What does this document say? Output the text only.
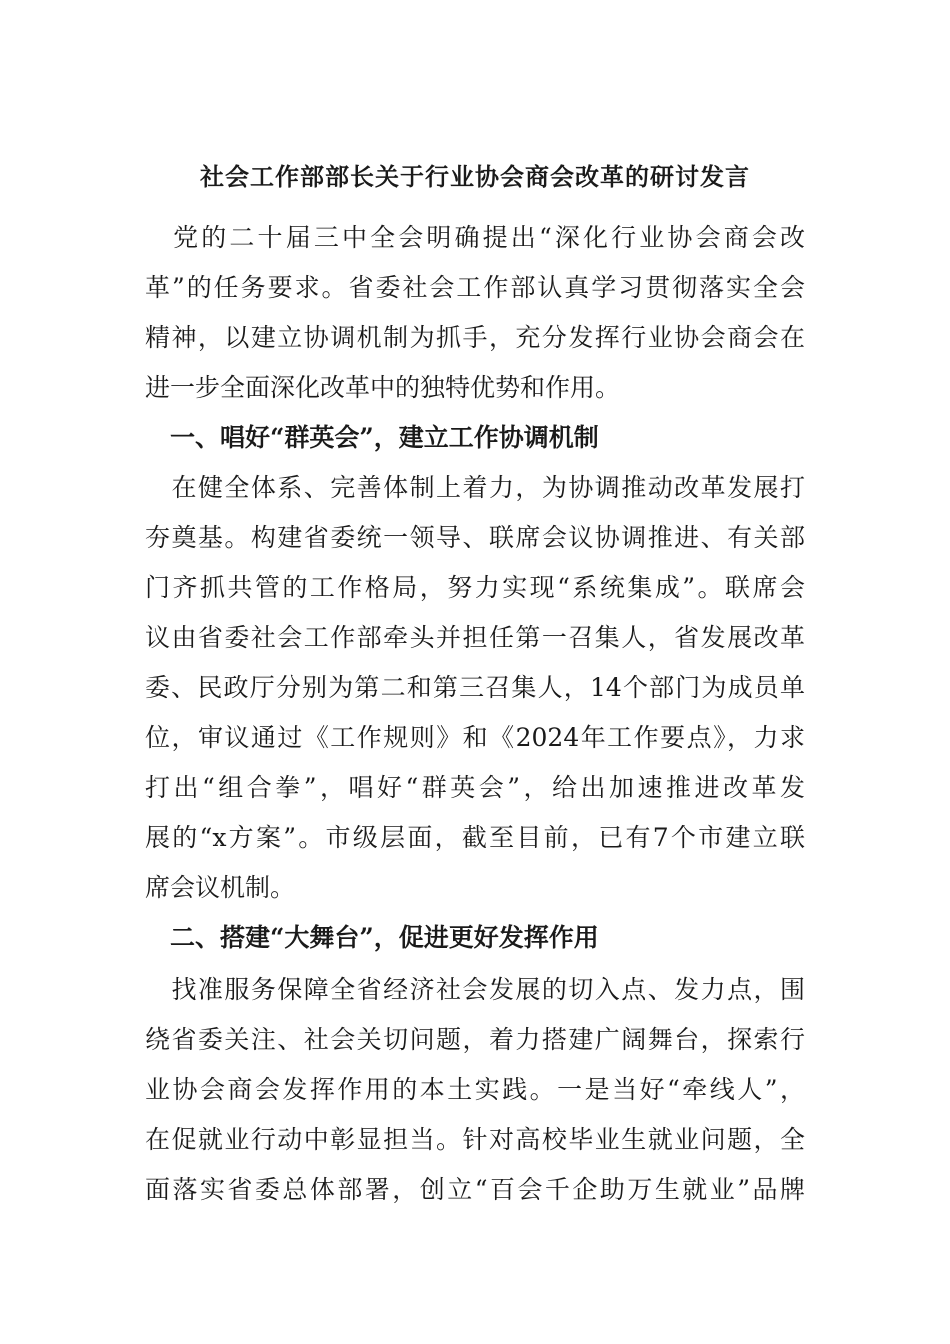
社会工作部部长关于行业协会商会改革的研讨发言
　党的二十届三中全会明确提出“深化行业协会商会改
革”的任务要求。省委社会工作部认真学习贯彻落实全会
精神，以建立协调机制为抓手，充分发挥行业协会商会在
进一步全面深化改革中的独特优势和作用。
　一、唱好“群英会”，建立工作协调机制
　在健全体系、完善体制上着力，为协调推动改革发展打
夯奠基。构建省委统一领导、联席会议协调推进、有关部
门齐抓共管的工作格局，努力实现“系统集成”。联席会
议由省委社会工作部牵头并担任第一召集人，省发展改革
委、民政厅分别为第二和第三召集人，14个部门为成员单
位，审议通过《工作规则》和《2024年工作要点》，力求
打出“组合拳”，唱好“群英会”，给出加速推进改革发
展的“x方案”。市级层面，截至目前，已有7个市建立联
席会议机制。
　二、搭建“大舞台”，促进更好发挥作用
　找准服务保障全省经济社会发展的切入点、发力点，围
绕省委关注、社会关切问题，着力搭建广阔舞台，探索行
业协会商会发挥作用的本土实践。一是当好“牵线人”，
在促就业行动中彰显担当。针对高校毕业生就业问题，全
面落实省委总体部署，创立“百会千企助万生就业”品牌
